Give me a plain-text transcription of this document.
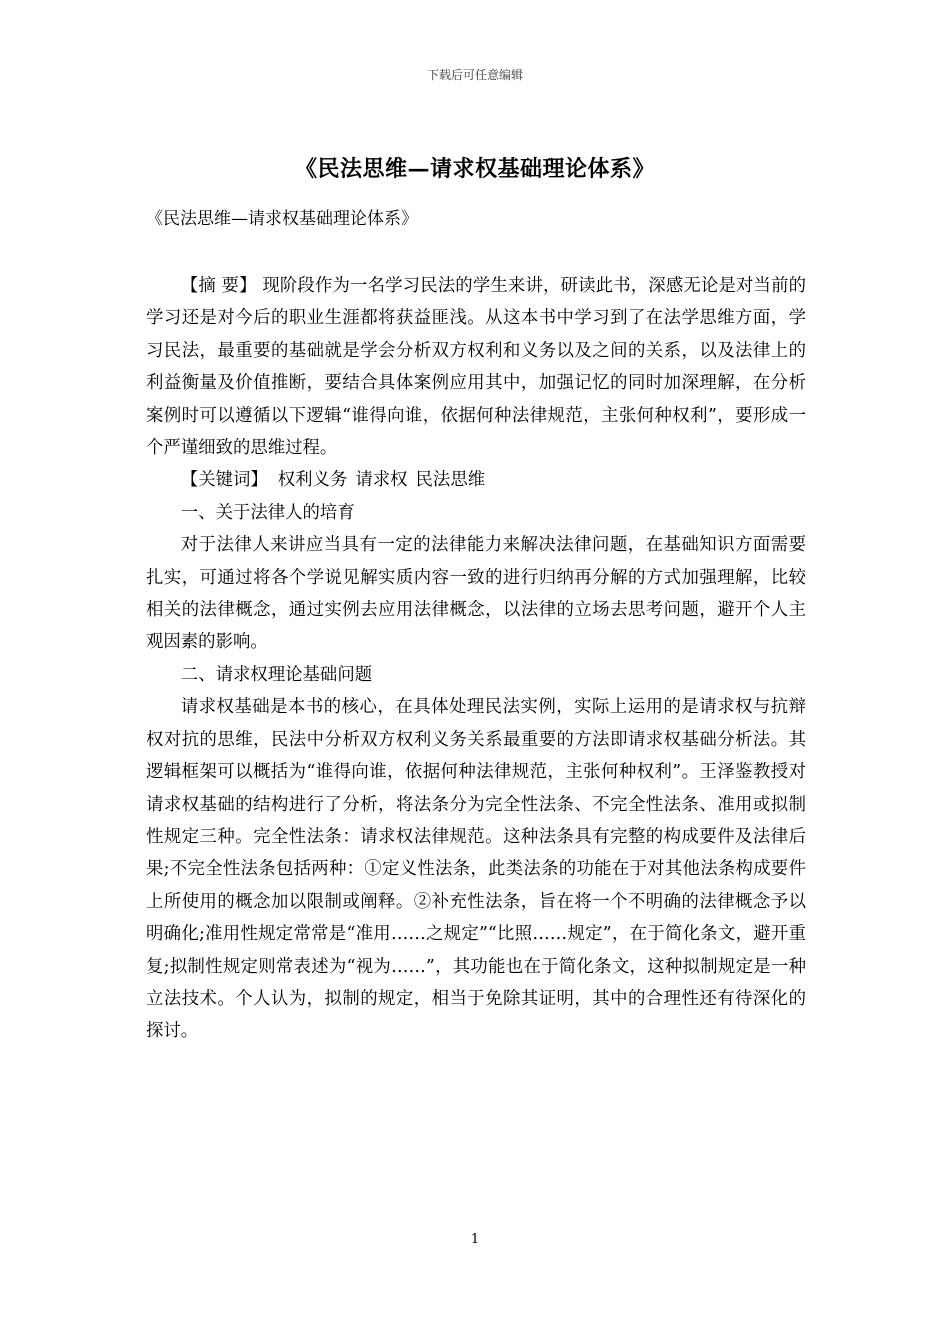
下载后可任意编辑
《民法思维—请求权基础理论体系》
《民法思维—请求权基础理论体系》

【摘 要】 现阶段作为一名学习民法的学生来讲，研读此书，深感无论是对当前的学习还是对今后的职业生涯都将获益匪浅。从这本书中学习到了在法学思维方面，学习民法，最重要的基础就是学会分析双方权利和义务以及之间的关系，以及法律上的利益衡量及价值推断，要结合具体案例应用其中，加强记忆的同时加深理解，在分析案例时可以遵循以下逻辑“谁得向谁，依据何种法律规范，主张何种权利”，要形成一个严谨细致的思维过程。

【关键词】 权利义务 请求权 民法思维

一、关于法律人的培育

对于法律人来讲应当具有一定的法律能力来解决法律问题，在基础知识方面需要扎实，可通过将各个学说见解实质内容一致的进行归纳再分解的方式加强理解，比较相关的法律概念，通过实例去应用法律概念，以法律的立场去思考问题，避开个人主观因素的影响。

二、请求权理论基础问题

请求权基础是本书的核心，在具体处理民法实例，实际上运用的是请求权与抗辩权对抗的思维，民法中分析双方权利义务关系最重要的方法即请求权基础分析法。其逻辑框架可以概括为“谁得向谁，依据何种法律规范，主张何种权利”。王泽鉴教授对请求权基础的结构进行了分析，将法条分为完全性法条、不完全性法条、准用或拟制性规定三种。完全性法条：请求权法律规范。这种法条具有完整的构成要件及法律后果;不完全性法条包括两种：①定义性法条，此类法条的功能在于对其他法条构成要件上所使用的概念加以限制或阐释。②补充性法条，旨在将一个不明确的法律概念予以明确化;准用性规定常常是“准用……之规定”“比照……规定”，在于简化条文，避开重复;拟制性规定则常表述为“视为……”，其功能也在于简化条文，这种拟制规定是一种立法技术。个人认为，拟制的规定，相当于免除其证明，其中的合理性还有待深化的探讨。

1
